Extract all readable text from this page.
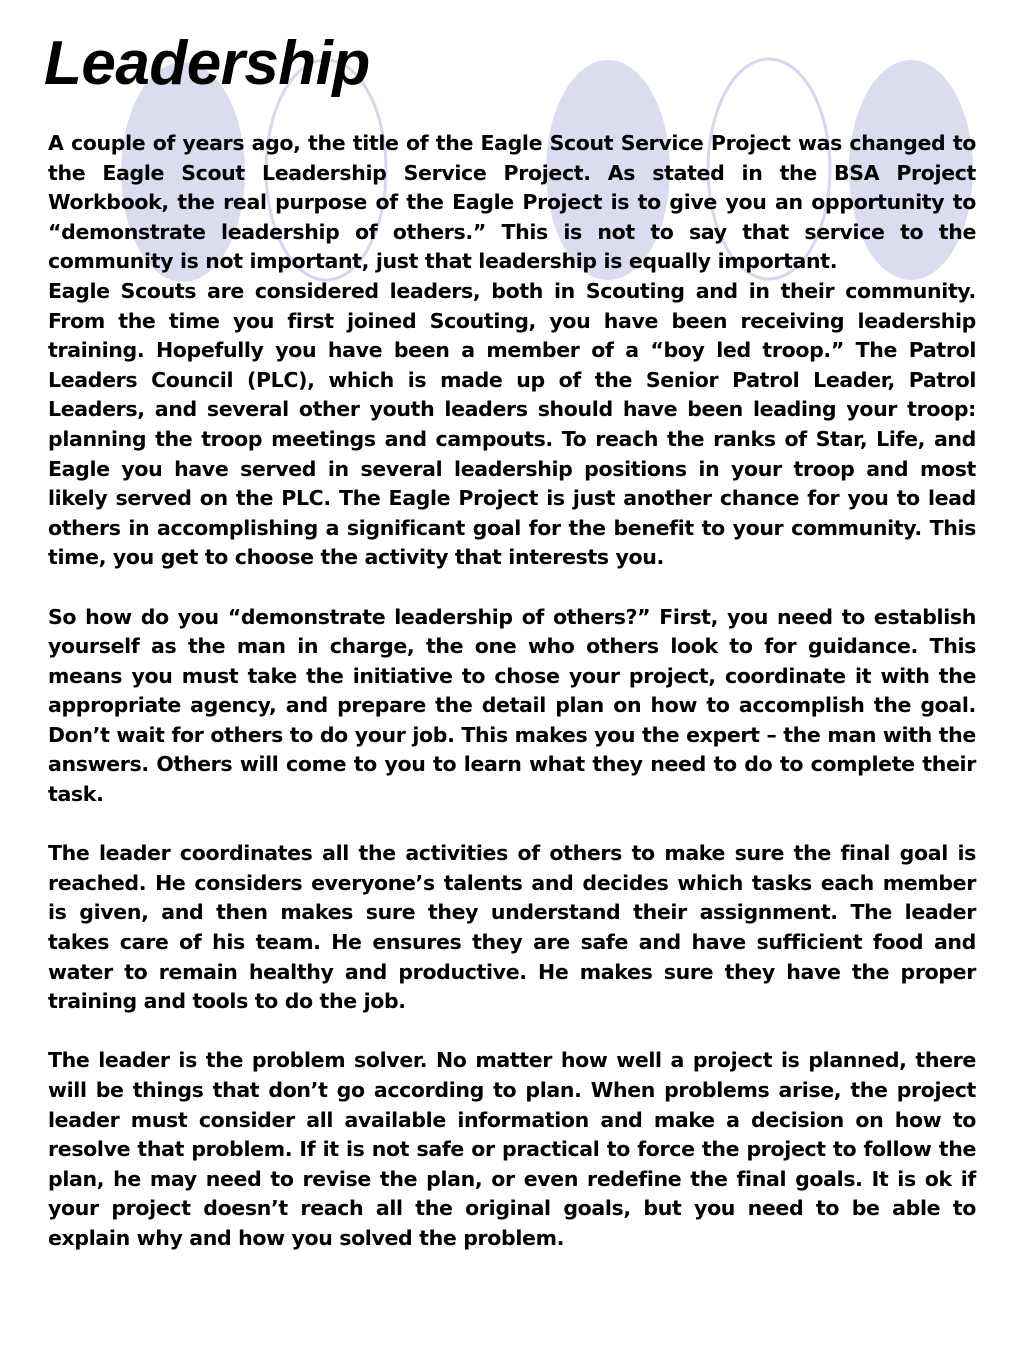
Leadership

A couple of years ago, the title of the Eagle Scout Service Project was changed to the Eagle Scout Leadership Service Project. As stated in the BSA Project Workbook, the real purpose of the Eagle Project is to give you an opportunity to “demonstrate leadership of others.” This is not to say that service to the community is not important, just that leadership is equally important.

Eagle Scouts are considered leaders, both in Scouting and in their community. From the time you first joined Scouting, you have been receiving leadership training. Hopefully you have been a member of a “boy led troop.” The Patrol Leaders Council (PLC), which is made up of the Senior Patrol Leader, Patrol Leaders, and several other youth leaders should have been leading your troop: planning the troop meetings and campouts. To reach the ranks of Star, Life, and Eagle you have served in several leadership positions in your troop and most likely served on the PLC. The Eagle Project is just another chance for you to lead others in accomplishing a significant goal for the benefit to your community. This time, you get to choose the activity that interests you.

So how do you “demonstrate leadership of others?” First, you need to establish yourself as the man in charge, the one who others look to for guidance. This means you must take the initiative to chose your project, coordinate it with the appropriate agency, and prepare the detail plan on how to accomplish the goal. Don’t wait for others to do your job. This makes you the expert – the man with the answers. Others will come to you to learn what they need to do to complete their task.

The leader coordinates all the activities of others to make sure the final goal is reached. He considers everyone’s talents and decides which tasks each member is given, and then makes sure they understand their assignment. The leader takes care of his team. He ensures they are safe and have sufficient food and water to remain healthy and productive. He makes sure they have the proper training and tools to do the job.

The leader is the problem solver. No matter how well a project is planned, there will be things that don’t go according to plan. When problems arise, the project leader must consider all available information and make a decision on how to resolve that problem. If it is not safe or practical to force the project to follow the plan, he may need to revise the plan, or even redefine the final goals. It is ok if your project doesn’t reach all the original goals, but you need to be able to explain why and how you solved the problem.
